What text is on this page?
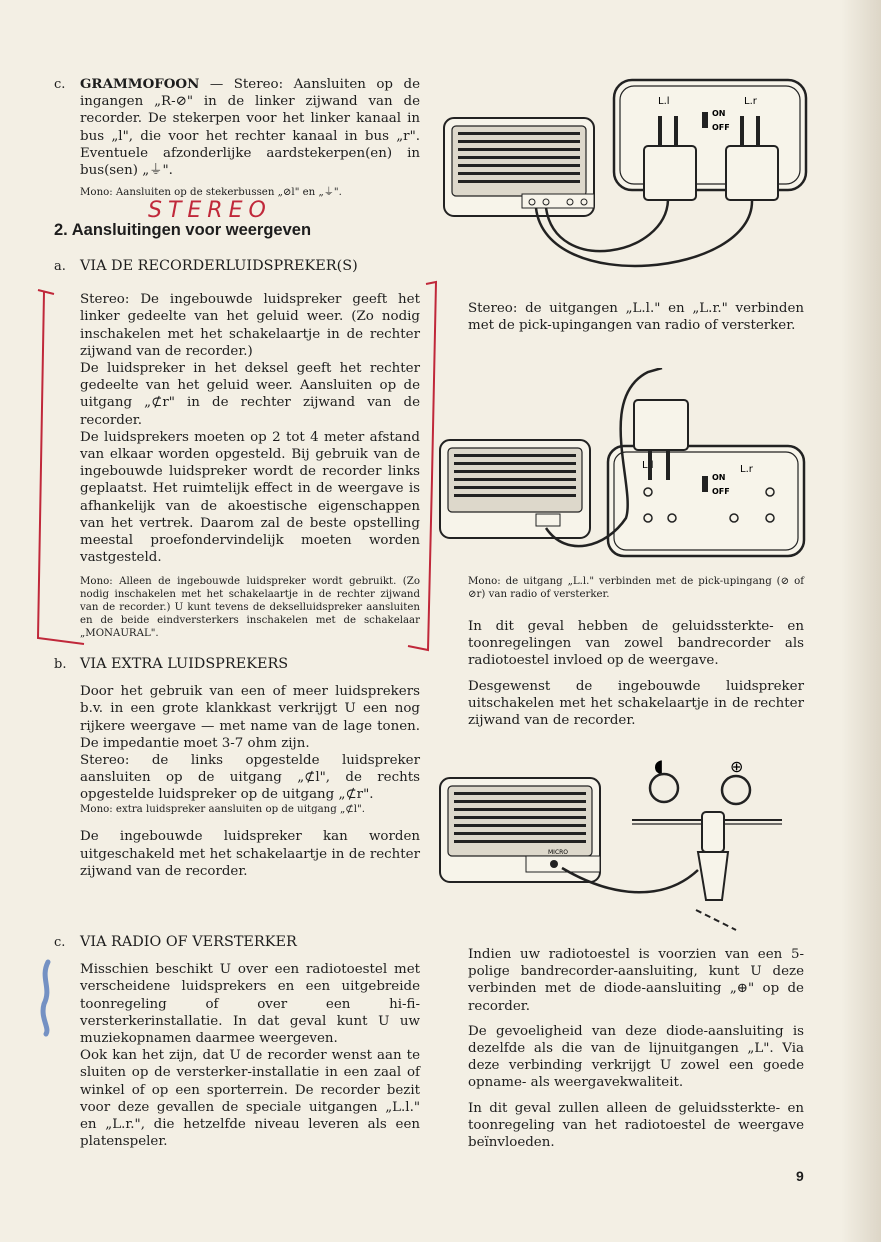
c. GRAMMOFOON — Stereo: Aansluiten op de ingangen „R-⊘" in de linker zijwand van de recorder. De stekerpen voor het linker kanaal in bus „l", die voor het rechter kanaal in bus „r". Eventuele afzonderlijke aardstekerpen(en) in bus(sen) „⏚".

Mono: Aansluiten op de stekerbussen „⊘l" en „⏚".
STEREO
2. Aansluitingen voor weergeven
a. VIA DE RECORDERLUIDSPREKER(S)

Stereo: De ingebouwde luidspreker geeft het linker gedeelte van het geluid weer. (Zo nodig inschakelen met het schakelaartje in de rechter zijwand van de recorder.)

De luidspreker in het deksel geeft het rechter gedeelte van het geluid weer. Aansluiten op de uitgang „⊄r" in de rechter zijwand van de recorder.

De luidsprekers moeten op 2 tot 4 meter afstand van elkaar worden opgesteld. Bij gebruik van de ingebouwde luidspreker wordt de recorder links geplaatst. Het ruimtelijk effect in de weergave is afhankelijk van de akoestische eigenschappen van het vertrek. Daarom zal de beste opstelling meestal proefondervindelijk moeten worden vastgesteld.

Mono: Alleen de ingebouwde luidspreker wordt gebruikt. (Zo nodig inschakelen met het schakelaartje in de rechter zijwand van de recorder.) U kunt tevens de dekselluidspreker aansluiten en de beide eindversterkers inschakelen met de schakelaar „MONAURAL".
b. VIA EXTRA LUIDSPREKERS

Door het gebruik van een of meer luidsprekers b.v. in een grote klankkast verkrijgt U een nog rijkere weergave — met name van de lage tonen. De impedantie moet 3-7 ohm zijn.

Stereo: de links opgestelde luidspreker aansluiten op de uitgang „⊄l", de rechts opgestelde luidspreker op de uitgang „⊄r".

Mono: extra luidspreker aansluiten op de uitgang „⊄l".

De ingebouwde luidspreker kan worden uitgeschakeld met het schakelaartje in de rechter zijwand van de recorder.

c. VIA RADIO OF VERSTERKER

Misschien beschikt U over een radiotoestel met verscheidene luidsprekers en een uitgebreide toonregeling of over een hi-fi-versterkerinstallatie. In dat geval kunt U uw muziekopnamen daarmee weergeven.

Ook kan het zijn, dat U de recorder wenst aan te sluiten op de versterker-installatie in een zaal of winkel of op een sporterrein. De recorder bezit voor deze gevallen de speciale uitgangen „L.l." en „L.r.", die hetzelfde niveau leveren als een platenspeler.

L.l	L.r
ON
OFF

Stereo: de uitgangen „L.l." en „L.r." verbinden met de pick-upingangen van radio of versterker.

L.l	L.r
ON
OFF
Mono: de uitgang „L.l." verbinden met de pick-upingang (⊘ of ⊘r) van radio of versterker.

In dit geval hebben de geluidssterkte- en toonregelingen van zowel bandrecorder als radiotoestel invloed op de weergave.

Desgewenst de ingebouwde luidspreker uitschakelen met het schakelaartje in de rechter zijwand van de recorder.

MICRO
◖	⊕

Indien uw radiotoestel is voorzien van een 5-polige bandrecorder-aansluiting, kunt U deze verbinden met de diode-aansluiting „⊕" op de recorder.

De gevoeligheid van deze diode-aansluiting is dezelfde als die van de lijnuitgangen „L". Via deze verbinding verkrijgt U zowel een goede opname- als weergavekwaliteit.

In dit geval zullen alleen de geluidssterkte- en toonregeling van het radiotoestel de weergave beïnvloeden.

9
